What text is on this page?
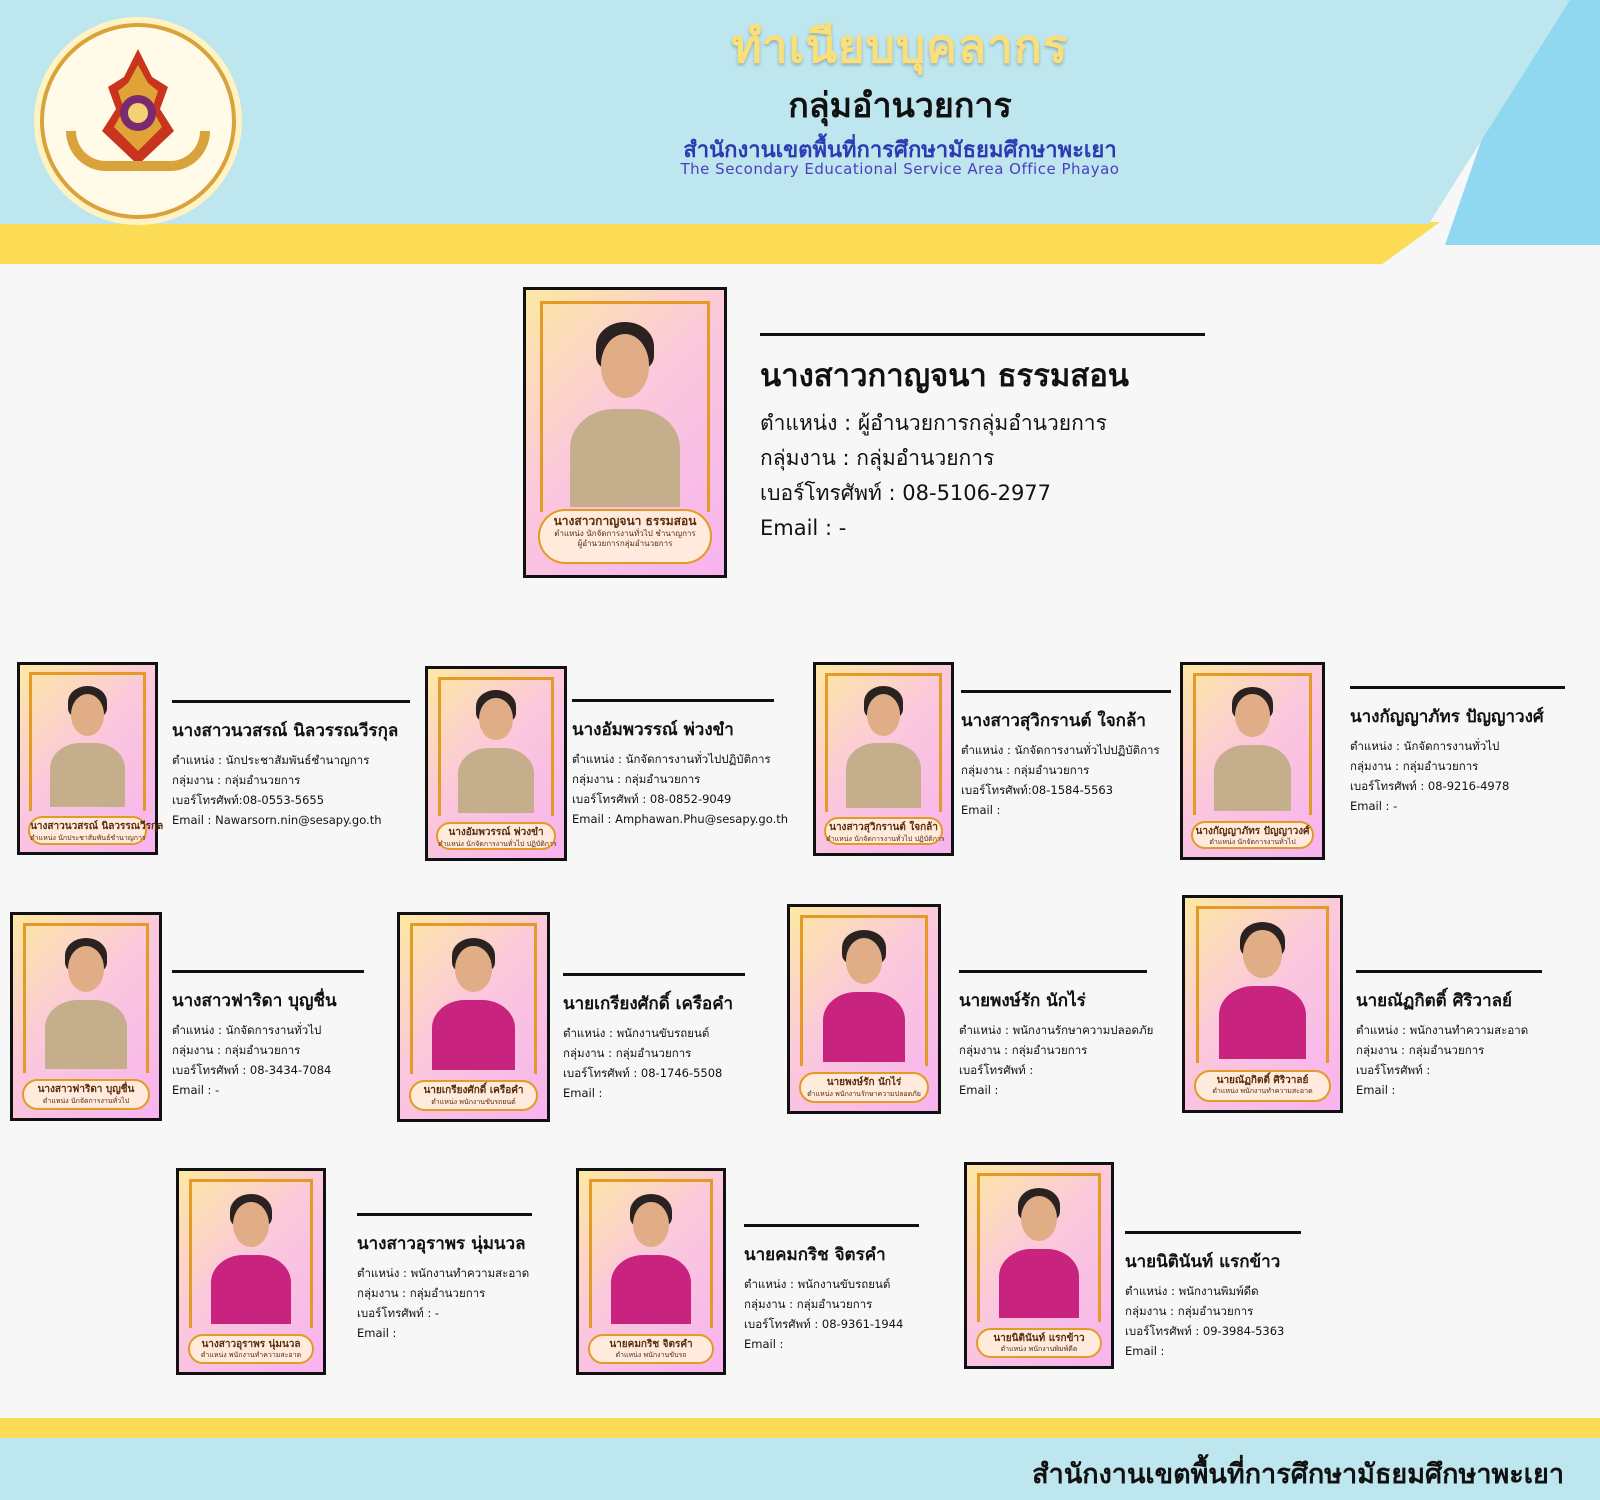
ทำเนียบบุคลากร
กลุ่มอำนวยการ
สำนักงานเขตพื้นที่การศึกษามัธยมศึกษาพะเยา
The Secondary Educational Service Area Office Phayao
นางสาวกาญจนา ธรรมสอน
ตำแหน่ง นักจัดการงานทั่วไป ชำนาญการ
ผู้อำนวยการกลุ่มอำนวยการ
นางสาวกาญจนา ธรรมสอน
ตำแหน่ง : ผู้อำนวยการกลุ่มอำนวยการ
กลุ่มงาน : กลุ่มอำนวยการ
เบอร์โทรศัพท์ : 08-5106-2977
Email : -
นางสาวนวสรณ์ นิลวรรณวีรกุล
ตำแหน่ง นักประชาสัมพันธ์ชำนาญการ
นางสาวนวสรณ์ นิลวรรณวีรกุล
ตำแหน่ง : นักประชาสัมพันธ์ชำนาญการ
กลุ่มงาน : กลุ่มอำนวยการ
เบอร์โทรศัพท์:08-0553-5655
Email : Nawarsorn.nin@sesapy.go.th
นางอัมพวรรณ์ พ่วงขำ
ตำแหน่ง นักจัดการงานทั่วไป ปฏิบัติการ
นางอัมพวรรณ์ พ่วงขำ
ตำแหน่ง : นักจัดการงานทั่วไปปฏิบัติการ
กลุ่มงาน : กลุ่มอำนวยการ
เบอร์โทรศัพท์ : 08-0852-9049
Email : Amphawan.Phu@sesapy.go.th
นางสาวสุวิกรานต์ ใจกล้า
ตำแหน่ง นักจัดการงานทั่วไป ปฏิบัติการ
นางสาวสุวิกรานต์ ใจกล้า
ตำแหน่ง : นักจัดการงานทั่วไปปฏิบัติการ
กลุ่มงาน : กลุ่มอำนวยการ
เบอร์โทรศัพท์:08-1584-5563
Email :
นางกัญญาภัทร ปัญญาวงศ์
ตำแหน่ง นักจัดการงานทั่วไป
นางกัญญาภัทร ปัญญาวงศ์
ตำแหน่ง : นักจัดการงานทั่วไป
กลุ่มงาน : กลุ่มอำนวยการ
เบอร์โทรศัพท์ : 08-9216-4978
Email : -
นางสาวฟาริดา บุญชื่น
ตำแหน่ง นักจัดการงานทั่วไป
นางสาวฟาริดา บุญชื่น
ตำแหน่ง : นักจัดการงานทั่วไป
กลุ่มงาน : กลุ่มอำนวยการ
เบอร์โทรศัพท์ : 08-3434-7084
Email : -	นายเกรียงศักดิ์ เครือคำ
ตำแหน่ง พนักงานขับรถยนต์
นายเกรียงศักดิ์ เครือคำ
ตำแหน่ง : พนักงานขับรถยนต์
กลุ่มงาน : กลุ่มอำนวยการ
เบอร์โทรศัพท์ : 08-1746-5508
Email :
นายพงษ์รัก นักไร่
ตำแหน่ง พนักงานรักษาความปลอดภัย
นายพงษ์รัก นักไร่
ตำแหน่ง : พนักงานรักษาความปลอดภัย
กลุ่มงาน : กลุ่มอำนวยการ
เบอร์โทรศัพท์ :
Email :
นายณัฏกิตติ์ ศิริวาลย์
ตำแหน่ง พนักงานทำความสะอาด
นายณัฏกิตติ์ ศิริวาลย์
ตำแหน่ง : พนักงานทำความสะอาด
กลุ่มงาน : กลุ่มอำนวยการ
เบอร์โทรศัพท์ :
Email :
นางสาวอุราพร นุ่มนวล
ตำแหน่ง พนักงานทำความสะอาด
นางสาวอุราพร นุ่มนวล
ตำแหน่ง : พนักงานทำความสะอาด
กลุ่มงาน : กลุ่มอำนวยการ
เบอร์โทรศัพท์ : -
Email :
นายคมกริช จิตรคำ
ตำแหน่ง พนักงานขับรถ
นายคมกริช จิตรคำ
ตำแหน่ง : พนักงานขับรถยนต์
กลุ่มงาน : กลุ่มอำนวยการ
เบอร์โทรศัพท์ : 08-9361-1944
Email :	นายนิตินันท์ แรกข้าว
ตำแหน่ง พนักงานพิมพ์ดีด
นายนิตินันท์ แรกข้าว
ตำแหน่ง : พนักงานพิมพ์ดีด
กลุ่มงาน : กลุ่มอำนวยการ
เบอร์โทรศัพท์ : 09-3984-5363
Email :
สำนักงานเขตพื้นที่การศึกษามัธยมศึกษาพะเยา
